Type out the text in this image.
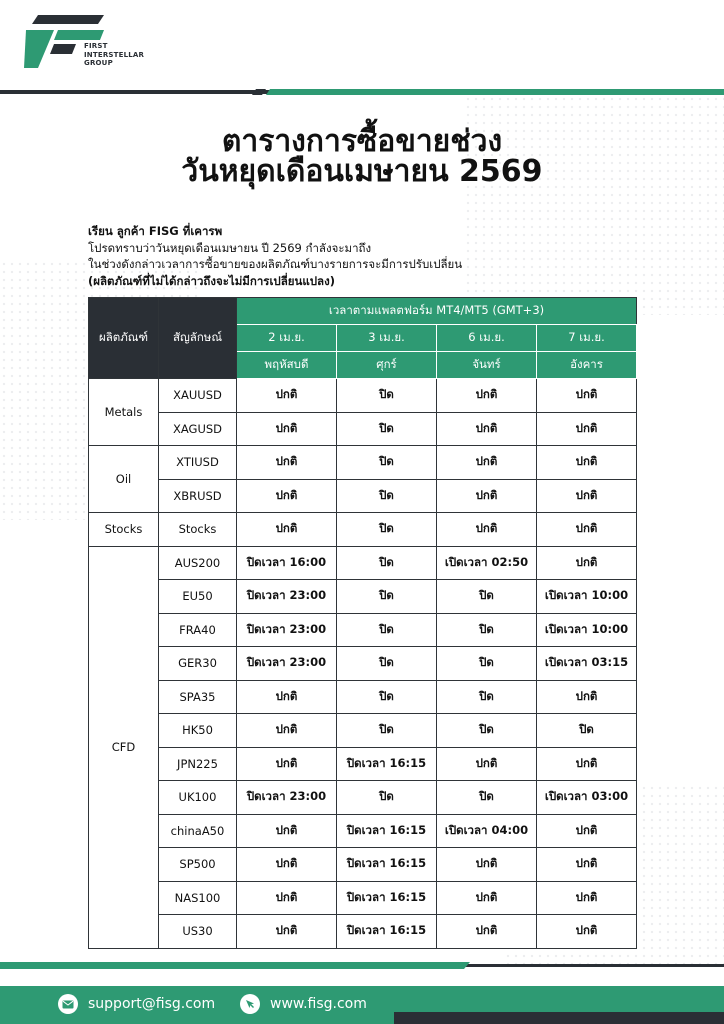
FIRST
INTERSTELLAR
GROUP
ตารางการซื้อขายช่วง
วันหยุดเดือนเมษายน 2569
เรียน ลูกค้า FISG ที่เคารพ
โปรดทราบว่าวันหยุดเดือนเมษายน ปี 2569 กำลังจะมาถึง
ในช่วงดังกล่าวเวลาการซื้อขายของผลิตภัณฑ์บางรายการจะมีการปรับเปลี่ยน
(ผลิตภัณฑ์ที่ไม่ได้กล่าวถึงจะไม่มีการเปลี่ยนแปลง)
ผลิตภัณฑ์	สัญลักษณ์	เวลาตามแพลตฟอร์ม MT4/MT5 (GMT+3)			
		2 เม.ย.	3 เม.ย.	6 เม.ย.	7 เม.ย.
		พฤหัสบดี	ศุกร์	จันทร์	อังคาร
Metals	XAUUSD	ปกติ	ปิด	ปกติ	ปกติ
	XAGUSD	ปกติ	ปิด	ปกติ	ปกติ
Oil	XTIUSD	ปกติ	ปิด	ปกติ	ปกติ
	XBRUSD	ปกติ	ปิด	ปกติ	ปกติ
Stocks	Stocks	ปกติ	ปิด	ปกติ	ปกติ
CFD	AUS200	ปิดเวลา 16:00	ปิด	เปิดเวลา 02:50	ปกติ
	EU50	ปิดเวลา 23:00	ปิด	ปิด	เปิดเวลา 10:00
	FRA40	ปิดเวลา 23:00	ปิด	ปิด	เปิดเวลา 10:00
	GER30	ปิดเวลา 23:00	ปิด	ปิด	เปิดเวลา 03:15
	SPA35	ปกติ	ปิด	ปิด	ปกติ
	HK50	ปกติ	ปิด	ปิด	ปิด
	JPN225	ปกติ	ปิดเวลา 16:15	ปกติ	ปกติ
	UK100	ปิดเวลา 23:00	ปิด	ปิด	เปิดเวลา 03:00
	chinaA50	ปกติ	ปิดเวลา 16:15	เปิดเวลา 04:00	ปกติ
	SP500	ปกติ	ปิดเวลา 16:15	ปกติ	ปกติ
	NAS100	ปกติ	ปิดเวลา 16:15	ปกติ	ปกติ
	US30	ปกติ	ปิดเวลา 16:15	ปกติ	ปกติ
support@fisg.com	www.fisg.com
